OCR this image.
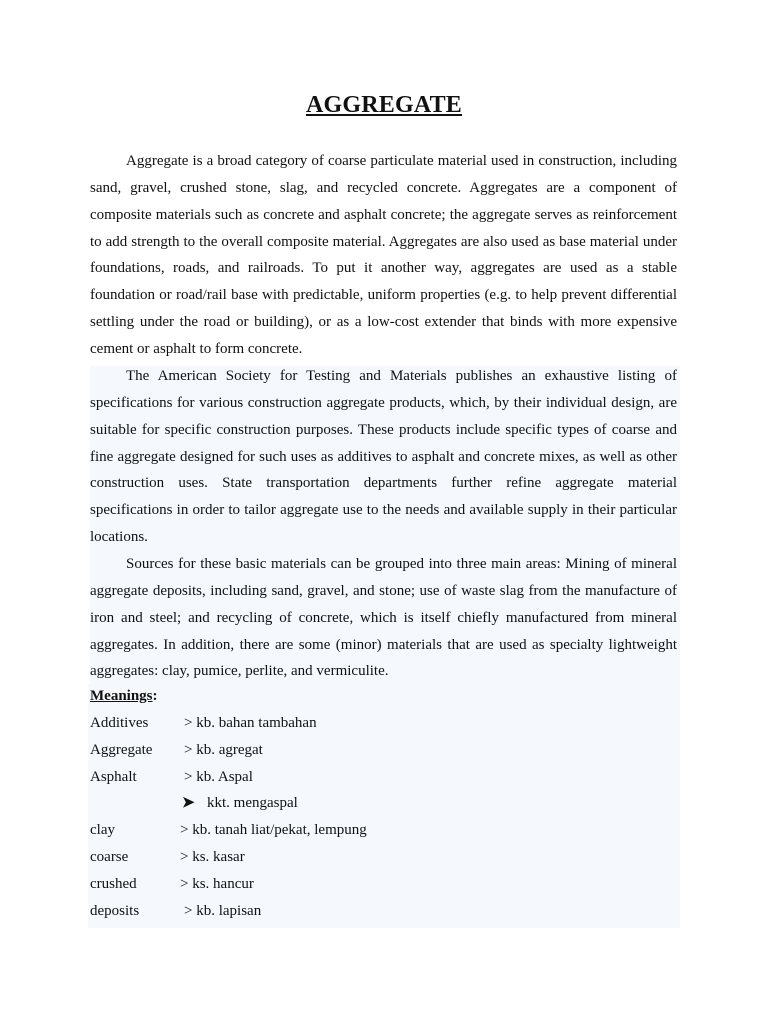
AGGREGATE

Aggregate is a broad category of coarse particulate material used in construction, including sand, gravel, crushed stone, slag, and recycled concrete. Aggregates are a component of composite materials such as concrete and asphalt concrete; the aggregate serves as reinforcement to add strength to the overall composite material. Aggregates are also used as base material under foundations, roads, and railroads. To put it another way, aggregates are used as a stable foundation or road/rail base with predictable, uniform properties (e.g. to help prevent differential settling under the road or building), or as a low-cost extender that binds with more expensive cement or asphalt to form concrete.

The American Society for Testing and Materials publishes an exhaustive listing of specifications for various construction aggregate products, which, by their individual design, are suitable for specific construction purposes. These products include specific types of coarse and fine aggregate designed for such uses as additives to asphalt and concrete mixes, as well as other construction uses. State transportation departments further refine aggregate material specifications in order to tailor aggregate use to the needs and available supply in their particular locations.

Sources for these basic materials can be grouped into three main areas: Mining of mineral aggregate deposits, including sand, gravel, and stone; use of waste slag from the manufacture of iron and steel; and recycling of concrete, which is itself chiefly manufactured from mineral aggregates. In addition, there are some (minor) materials that are used as specialty lightweight aggregates: clay, pumice, perlite, and vermiculite.

Meanings:
Additives > kb. bahan tambahan
Aggregate > kb. agregat
Asphalt	> kb. Aspal
➤ kkt. mengaspal
clay	> kb. tanah liat/pekat, lempung
coarse	> ks. kasar
crushed	> ks. hancur
deposits	> kb. lapisan
